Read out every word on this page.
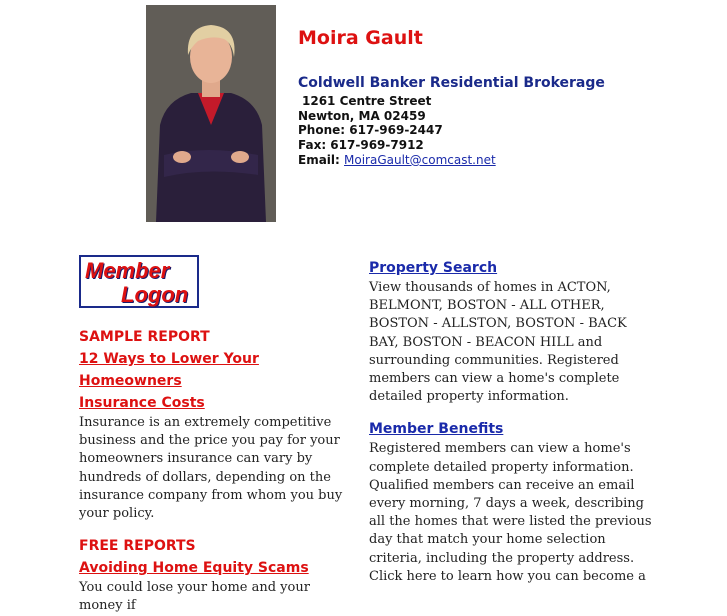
Moira Gault
Coldwell Banker Residential Brokerage
1261 Centre Street
Newton, MA 02459
Phone: 617-969-2447
Fax: 617-969-7912
Email: MoiraGault@comcast.net
Member
Logon
SAMPLE REPORT
12 Ways to Lower Your Homeowners
Insurance Costs

Insurance is an extremely competitive business and the price you pay for your homeowners insurance can vary by hundreds of dollars, depending on the insurance company from whom you buy your policy.

FREE REPORTS
Avoiding Home Equity Scams

You could lose your home and your money if

Property Search

View thousands of homes in ACTON, BELMONT, BOSTON - ALL OTHER, BOSTON - ALLSTON, BOSTON - BACK BAY, BOSTON - BEACON HILL and surrounding communities. Registered members can view a home's complete detailed property information.

Member Benefits

Registered members can view a home's complete detailed property information. Qualified members can receive an email every morning, 7 days a week, describing all the homes that were listed the previous day that match your home selection criteria, including the property address. Click here to learn how you can become a
